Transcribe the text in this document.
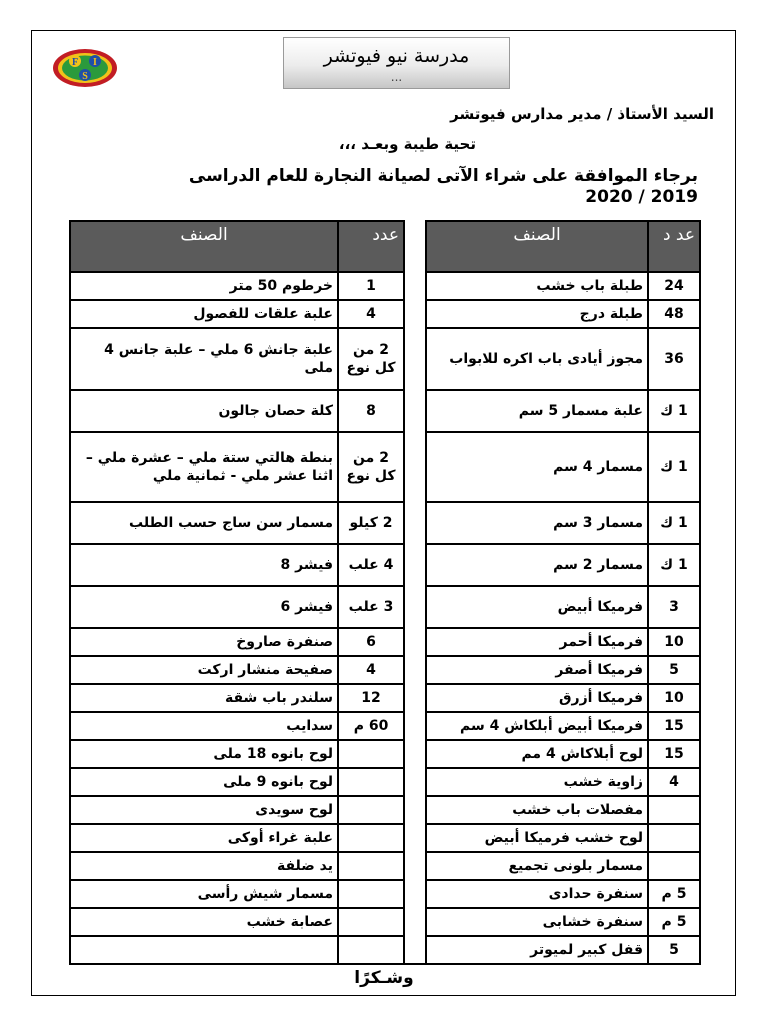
F
S
I	مدرسة نيو فيوتشر
...
السيد الأستاذ / مدير مدارس فيوتشر
تحية طيبة وبعـد ،،،
برجاء الموافقة على شراء الآتى لصيانة النجارة للعام الدراسى
2019 / 2020
عد د	الصنف		عدد	الصنف
24	طبلة باب خشب		1	خرطوم 50 متر
48	طبلة درج		4	علبة علقات للفصول
36	مجوز أيادى باب اكره للابواب		2 من كل نوع	علبة جانش 6 ملي – علبة جانس 4 ملى
1 ك	علبة مسمار 5 سم		8	كلة حصان جالون
1 ك	مسمار 4 سم		2 من كل نوع	بنطة هالتي ستة ملي – عشرة ملي – اثنا عشر ملي - ثمانية ملي
1 ك	مسمار 3 سم		2 كيلو	مسمار سن ساج حسب الطلب
1 ك	مسمار 2 سم		4 علب	فيشر 8
3	فرميكا أبيض		3 علب	فيشر 6
10	فرميكا أحمر		6	صنفرة صاروخ
5	فرميكا أصفر		4	صفيحة منشار اركت
10	فرميكا أزرق		12	سلندر باب شقة
15	فرميكا أبيض أبلكاش 4 سم		60 م	سدايب
15	لوح أبلاكاش 4 مم			لوح بانوه 18 ملى
4	زاوية خشب			لوح بانوه 9 ملى
	مفصلات باب خشب			لوح سويدى
	لوح خشب فرميكا أبيض			علبة غراء أوكى
	مسمار بلونى تجميع			يد ضلفة
5 م	سنفرة حدادى			مسمار شيش رأسى
5 م	سنفرة خشابى			عصابة خشب
5	قفل كبير لميوتر			
وشـكرًا
